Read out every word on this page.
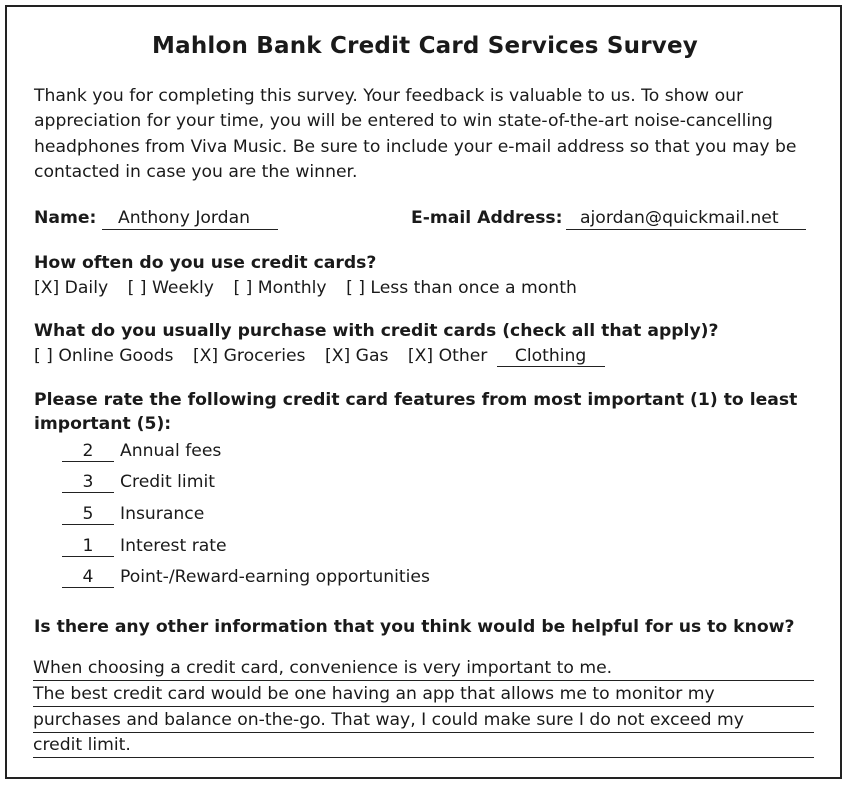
Mahlon Bank Credit Card Services Survey
Thank you for completing this survey. Your feedback is valuable to us. To show our appreciation for your time, you will be entered to win state-of-the-art noise-cancelling headphones from Viva Music. Be sure to include your e-mail address so that you may be contacted in case you are the winner.
Name:	Anthony Jordan	E-mail Address:	ajordan@quickmail.net
How often do you use credit cards?
[X] Daily [ ] Weekly [ ] Monthly [ ] Less than once a month
What do you usually purchase with credit cards (check all that apply)?
[ ] Online Goods [X] Groceries [X] Gas [X] Other Clothing
Please rate the following credit card features from most important (1) to least
important (5):
2 Annual fees
3 Credit limit
5 Insurance
1 Interest rate
4 Point-/Reward-earning opportunities
Is there any other information that you think would be helpful for us to know?
When choosing a credit card, convenience is very important to me.
The best credit card would be one having an app that allows me to monitor my
purchases and balance on-the-go. That way, I could make sure I do not exceed my
credit limit.
